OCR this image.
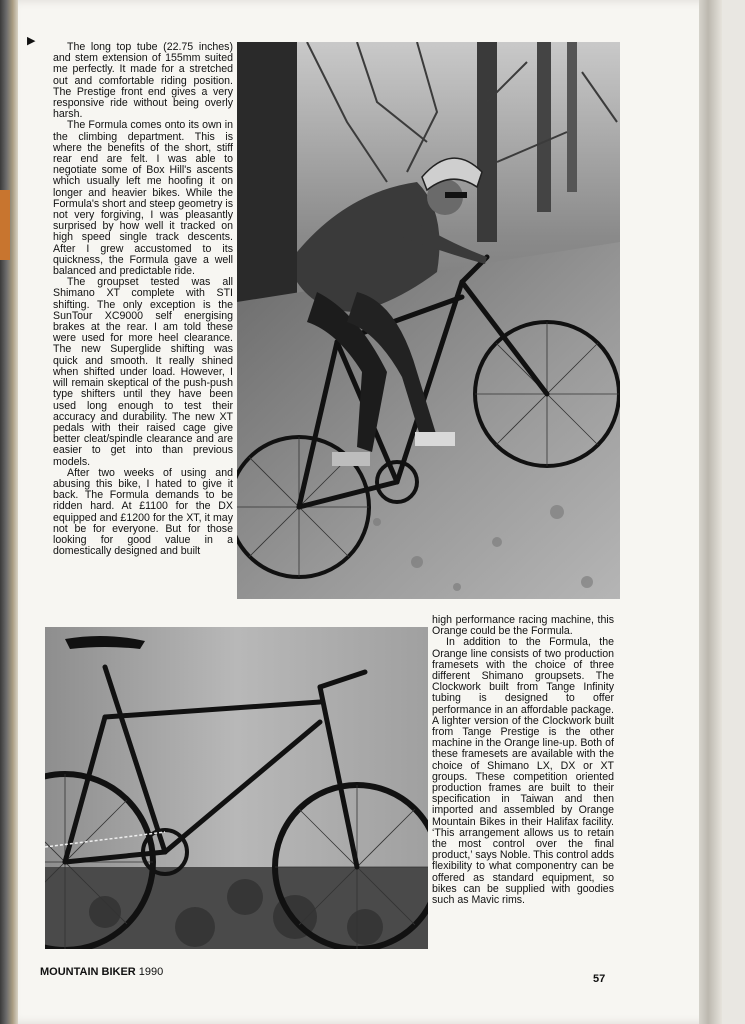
▶	The long top tube (22.75 inches) and stem extension of 155mm suited me perfectly. It made for a stretched out and comfortable riding position. The Prestige front end gives a very responsive ride without being overly harsh.

The Formula comes onto its own in the climbing department. This is where the benefits of the short, stiff rear end are felt. I was able to negotiate some of Box Hill's ascents which usually left me hoofing it on longer and heavier bikes. While the Formula's short and steep geometry is not very forgiving, I was pleasantly surprised by how well it tracked on high speed single track descents. After I grew accustomed to its quickness, the Formula gave a well balanced and predictable ride.

The groupset tested was all Shimano XT complete with STI shifting. The only exception is the SunTour XC9000 self energising brakes at the rear. I am told these were used for more heel clearance. The new Superglide shifting was quick and smooth. It really shined when shifted under load. However, I will remain skeptical of the push-push type shifters until they have been used long enough to test their accuracy and durability. The new XT pedals with their raised cage give better cleat/spindle clearance and are easier to get into than previous models.

After two weeks of using and abusing this bike, I hated to give it back. The Formula demands to be ridden hard. At £1100 for the DX equipped and £1200 for the XT, it may not be for everyone. But for those looking for good value in a domestically designed and built

high performance racing machine, this Orange could be the Formula.

In addition to the Formula, the Orange line consists of two production framesets with the choice of three different Shimano groupsets. The Clockwork built from Tange Infinity tubing is designed to offer performance in an affordable package. A lighter version of the Clockwork built from Tange Prestige is the other machine in the Orange line-up. Both of these framesets are available with the choice of Shimano LX, DX or XT groups. These competition oriented production frames are built to their specification in Taiwan and then imported and assembled by Orange Mountain Bikes in their Halifax facility. ‘This arrangement allows us to retain the most control over the final product,’ says Noble. This control adds flexibility to what componentry can be offered as standard equipment, so bikes can be supplied with goodies such as Mavic rims.

MOUNTAIN BIKER 1990
57
